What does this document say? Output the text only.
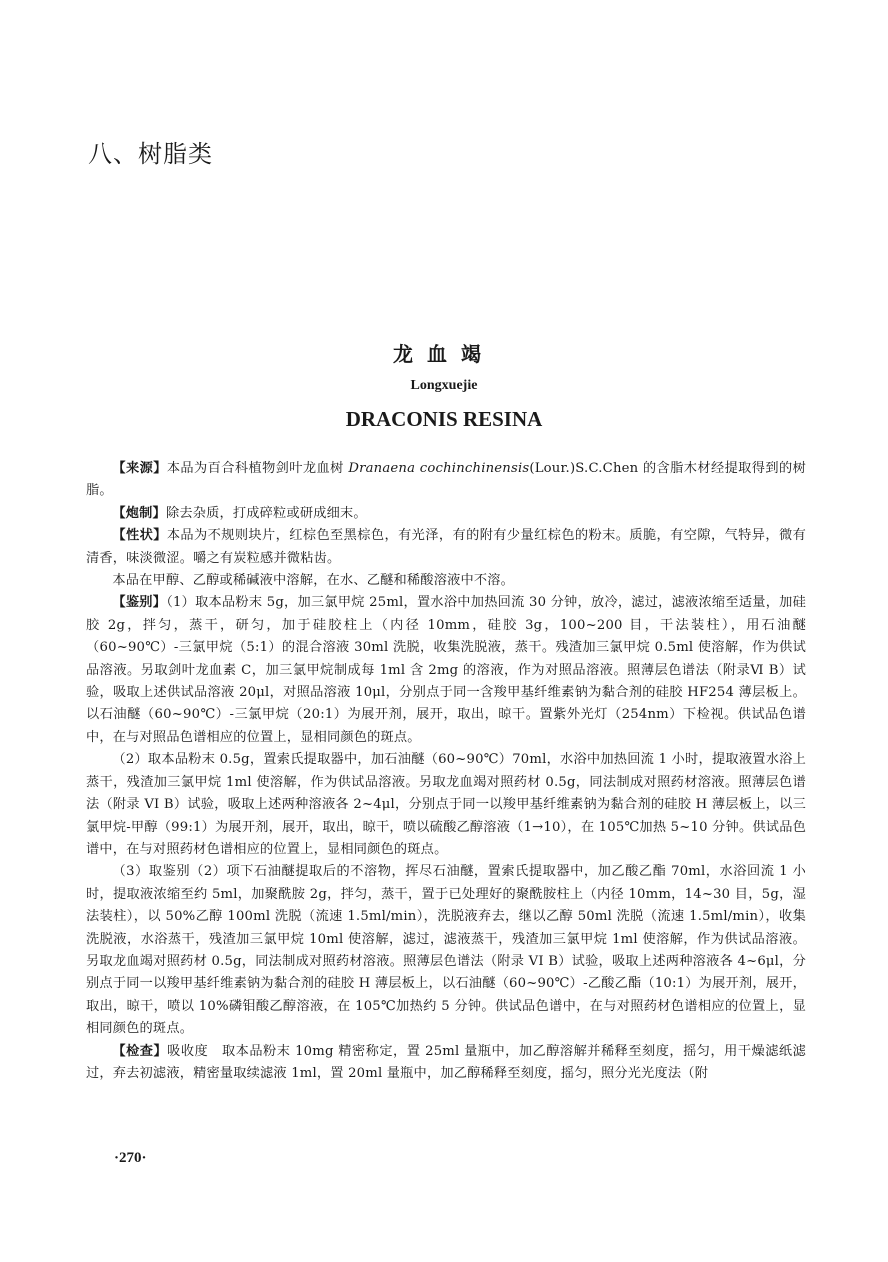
八、树脂类
龙血竭
Longxuejie
DRACONIS RESINA

【来源】本品为百合科植物剑叶龙血树 Dranaena cochinchinensis(Lour.)S.C.Chen 的含脂木材经提取得到的树脂。

【炮制】除去杂质，打成碎粒或研成细末。

【性状】本品为不规则块片，红棕色至黑棕色，有光泽，有的附有少量红棕色的粉末。质脆，有空隙，气特异，微有清香，味淡微涩。嚼之有炭粒感并微粘齿。

本品在甲醇、乙醇或稀碱液中溶解，在水、乙醚和稀酸溶液中不溶。

【鉴别】（1）取本品粉末 5g，加三氯甲烷 25ml，置水浴中加热回流 30 分钟，放冷，滤过，滤液浓缩至适量，加硅胶 2g，拌匀，蒸干，研匀，加于硅胶柱上（内径 10mm，硅胶 3g，100~200 目，干法装柱），用石油醚（60~90℃）-三氯甲烷（5:1）的混合溶液 30ml 洗脱，收集洗脱液，蒸干。残渣加三氯甲烷 0.5ml 使溶解，作为供试品溶液。另取剑叶龙血素 C，加三氯甲烷制成每 1ml 含 2mg 的溶液，作为对照品溶液。照薄层色谱法（附录Ⅵ B）试验，吸取上述供试品溶液 20μl，对照品溶液 10μl，分别点于同一含羧甲基纤维素钠为黏合剂的硅胶 HF254 薄层板上。以石油醚（60~90℃）-三氯甲烷（20:1）为展开剂，展开，取出，晾干。置紫外光灯（254nm）下检视。供试品色谱中，在与对照品色谱相应的位置上，显相同颜色的斑点。

（2）取本品粉末 0.5g，置索氏提取器中，加石油醚（60~90℃）70ml，水浴中加热回流 1 小时，提取液置水浴上蒸干，残渣加三氯甲烷 1ml 使溶解，作为供试品溶液。另取龙血竭对照药材 0.5g，同法制成对照药材溶液。照薄层色谱法（附录 VI B）试验，吸取上述两种溶液各 2~4μl，分别点于同一以羧甲基纤维素钠为黏合剂的硅胶 H 薄层板上，以三氯甲烷-甲醇（99:1）为展开剂，展开，取出，晾干，喷以硫酸乙醇溶液（1→10），在 105℃加热 5~10 分钟。供试品色谱中，在与对照药材色谱相应的位置上，显相同颜色的斑点。

（3）取鉴别（2）项下石油醚提取后的不溶物，挥尽石油醚，置索氏提取器中，加乙酸乙酯 70ml，水浴回流 1 小时，提取液浓缩至约 5ml，加聚酰胺 2g，拌匀，蒸干，置于已处理好的聚酰胺柱上（内径 10mm，14~30 目，5g，湿法装柱），以 50%乙醇 100ml 洗脱（流速 1.5ml/min），洗脱液弃去，继以乙醇 50ml 洗脱（流速 1.5ml/min），收集洗脱液，水浴蒸干，残渣加三氯甲烷 10ml 使溶解，滤过，滤液蒸干，残渣加三氯甲烷 1ml 使溶解，作为供试品溶液。另取龙血竭对照药材 0.5g，同法制成对照药材溶液。照薄层色谱法（附录 VI B）试验，吸取上述两种溶液各 4~6μl，分别点于同一以羧甲基纤维素钠为黏合剂的硅胶 H 薄层板上，以石油醚（60~90℃）-乙酸乙酯（10:1）为展开剂，展开，取出，晾干，喷以 10%磷钼酸乙醇溶液，在 105℃加热约 5 分钟。供试品色谱中，在与对照药材色谱相应的位置上，显相同颜色的斑点。

【检查】吸收度　 取本品粉末 10mg 精密称定，置 25ml 量瓶中，加乙醇溶解并稀释至刻度，摇匀，用干燥滤纸滤过，弃去初滤液，精密量取续滤液 1ml，置 20ml 量瓶中，加乙醇稀释至刻度，摇匀，照分光光度法（附

·270·
